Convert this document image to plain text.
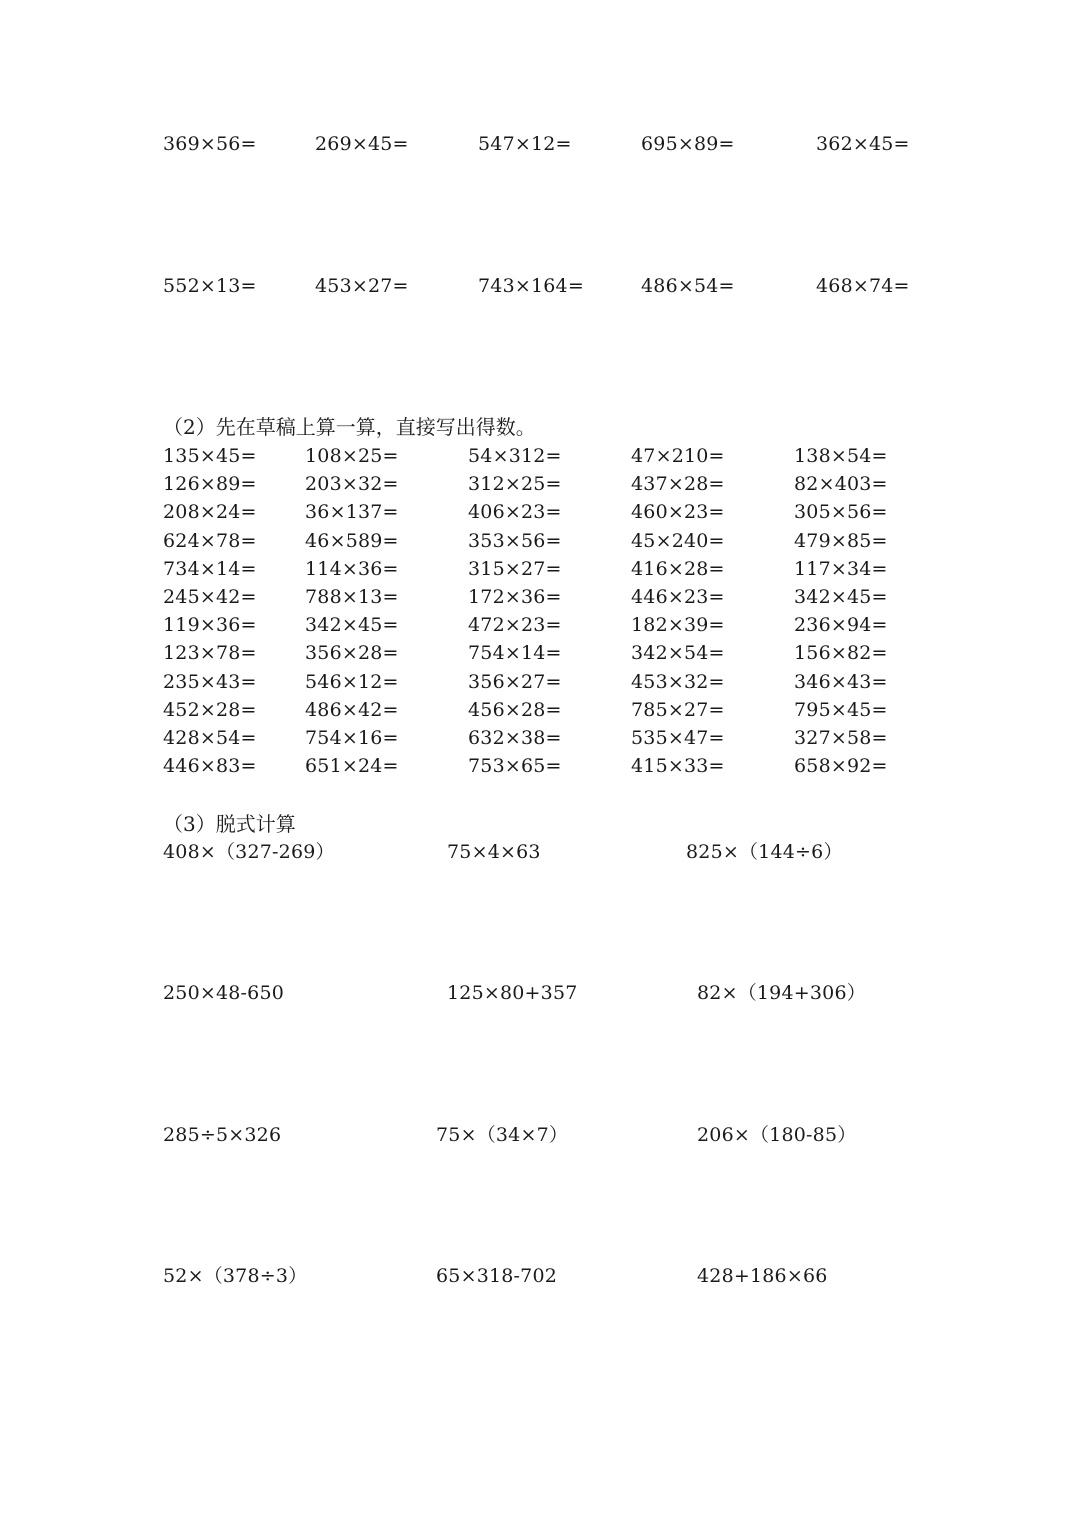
369×56=	269×45=	547×12=	695×89=	362×45=
552×13=	453×27=	743×164=	486×54=	468×74=
（2）先在草稿上算一算，直接写出得数。
135×45=	108×25=	54×312=	47×210=	138×54=
126×89=	203×32=	312×25=	437×28=	82×403=
208×24=	36×137=	406×23=	460×23=	305×56=
624×78=	46×589=	353×56=	45×240=	479×85=
734×14=	114×36=	315×27=	416×28=	117×34=
245×42=	788×13=	172×36=	446×23=	342×45=
119×36=	342×45=	472×23=	182×39=	236×94=
123×78=	356×28=	754×14=	342×54=	156×82=
235×43=	546×12=	356×27=	453×32=	346×43=
452×28=	486×42=	456×28=	785×27=	795×45=
428×54=	754×16=	632×38=	535×47=	327×58=
446×83=	651×24=	753×65=	415×33=	658×92=
（3）脱式计算
408×（327-269）	75×4×63	825×（144÷6）
250×48-650	125×80+357	82×（194+306）
285÷5×326	75×（34×7）	206×（180-85）
52×（378÷3）	65×318-702	428+186×66
